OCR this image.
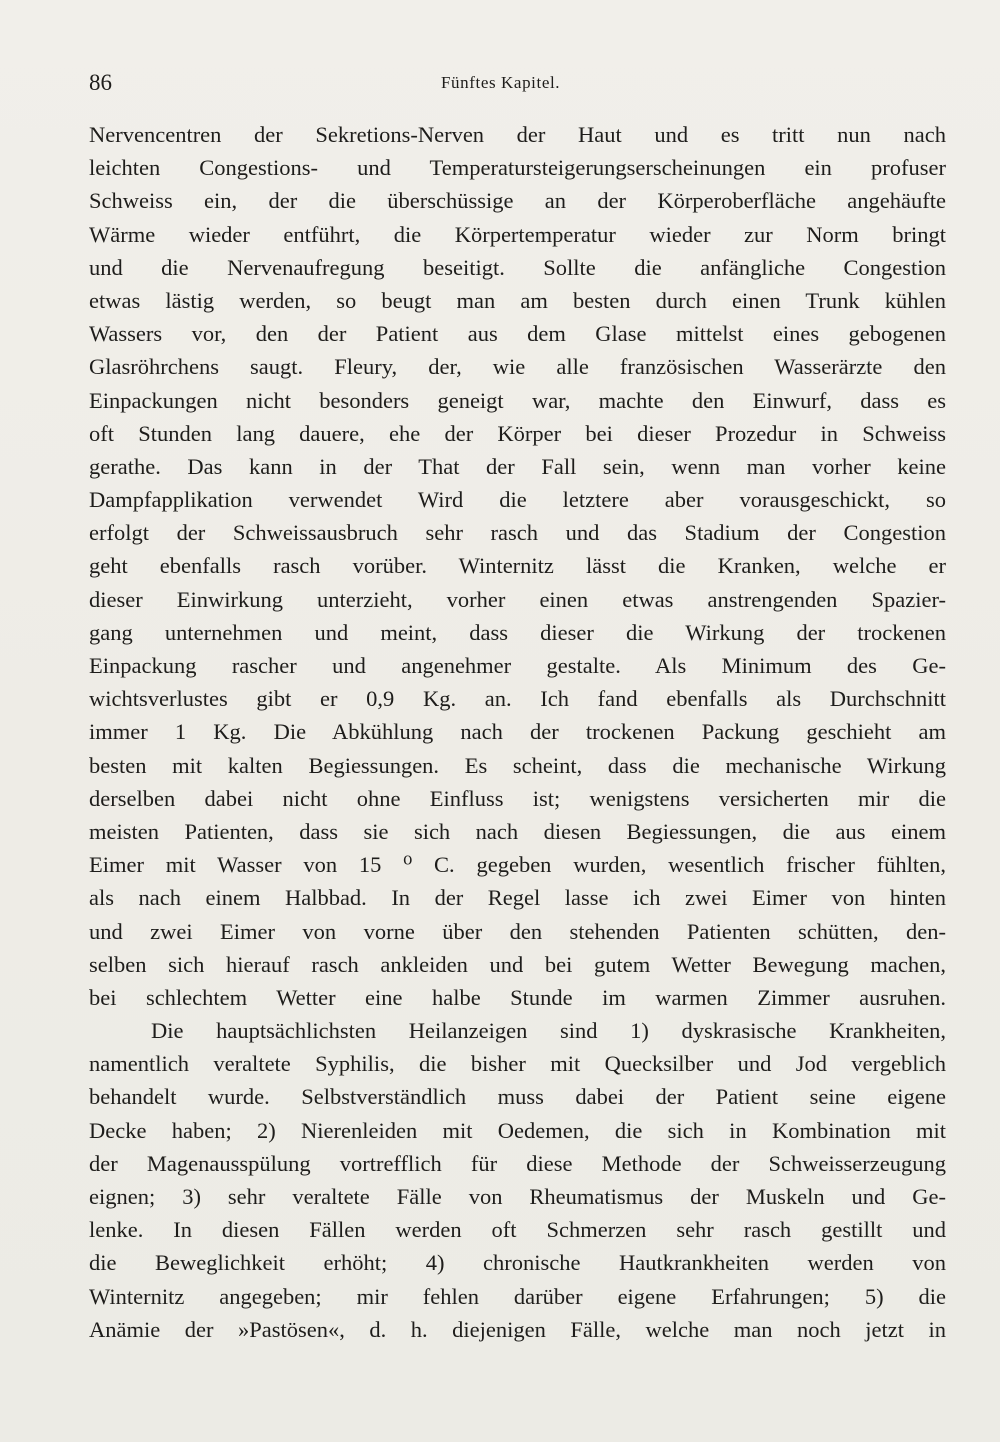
86	Fünftes Kapitel.
Nervencentren der Sekretions-Nerven der Haut und es tritt nun nach
leichten Congestions- und Temperatursteigerungserscheinungen ein profuser
Schweiss ein, der die überschüssige an der Körperoberfläche angehäufte
Wärme wieder entführt, die Körpertemperatur wieder zur Norm bringt
und die Nervenaufregung beseitigt. Sollte die anfängliche Congestion
etwas lästig werden, so beugt man am besten durch einen Trunk kühlen
Wassers vor, den der Patient aus dem Glase mittelst eines gebogenen
Glasröhrchens saugt. Fleury, der, wie alle französischen Wasserärzte den
Einpackungen nicht besonders geneigt war, machte den Einwurf, dass es
oft Stunden lang dauere, ehe der Körper bei dieser Prozedur in Schweiss
gerathe. Das kann in der That der Fall sein, wenn man vorher keine
Dampfapplikation verwendet Wird die letztere aber vorausgeschickt, so
erfolgt der Schweissausbruch sehr rasch und das Stadium der Congestion
geht ebenfalls rasch vorüber. Winternitz lässt die Kranken, welche er
dieser Einwirkung unterzieht, vorher einen etwas anstrengenden Spazier-
gang unternehmen und meint, dass dieser die Wirkung der trockenen
Einpackung rascher und angenehmer gestalte. Als Minimum des Ge-
wichtsverlustes gibt er 0,9 Kg. an. Ich fand ebenfalls als Durchschnitt
immer 1 Kg. Die Abkühlung nach der trockenen Packung geschieht am
besten mit kalten Begiessungen. Es scheint, dass die mechanische Wirkung
derselben dabei nicht ohne Einfluss ist; wenigstens versicherten mir die
meisten Patienten, dass sie sich nach diesen Begiessungen, die aus einem
Eimer mit Wasser von 15 ⁰ C. gegeben wurden, wesentlich frischer fühlten,
als nach einem Halbbad. In der Regel lasse ich zwei Eimer von hinten
und zwei Eimer von vorne über den stehenden Patienten schütten, den-
selben sich hierauf rasch ankleiden und bei gutem Wetter Bewegung machen,
bei schlechtem Wetter eine halbe Stunde im warmen Zimmer ausruhen.
Die hauptsächlichsten Heilanzeigen sind 1) dyskrasische Krankheiten,
namentlich veraltete Syphilis, die bisher mit Quecksilber und Jod vergeblich
behandelt wurde. Selbstverständlich muss dabei der Patient seine eigene
Decke haben; 2) Nierenleiden mit Oedemen, die sich in Kombination mit
der Magenausspülung vortrefflich für diese Methode der Schweisserzeugung
eignen; 3) sehr veraltete Fälle von Rheumatismus der Muskeln und Ge-
lenke. In diesen Fällen werden oft Schmerzen sehr rasch gestillt und
die Beweglichkeit erhöht; 4) chronische Hautkrankheiten werden von
Winternitz angegeben; mir fehlen darüber eigene Erfahrungen; 5) die
Anämie der »Pastösen«, d. h. diejenigen Fälle, welche man noch jetzt in
